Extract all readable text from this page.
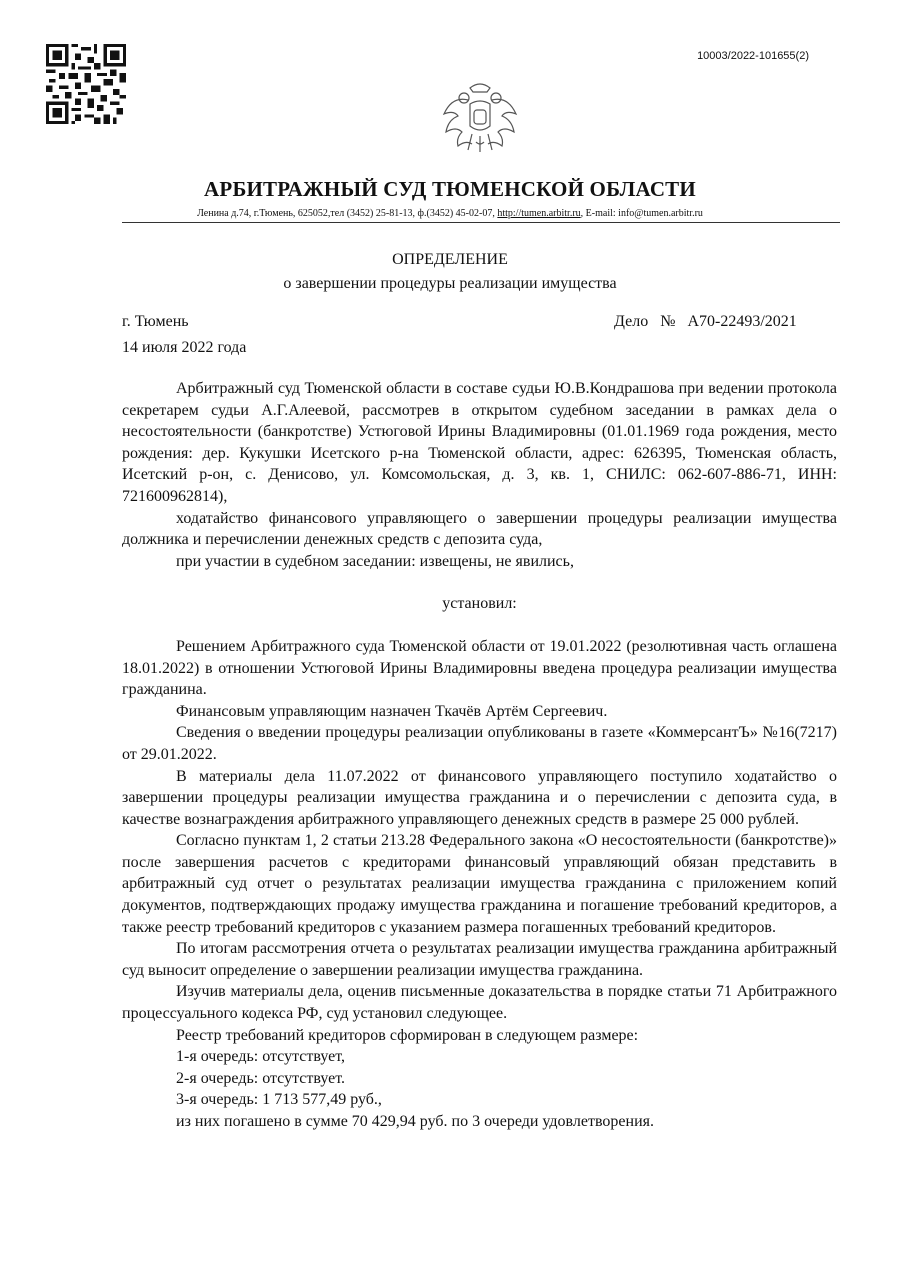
10003/2022-101655(2)
АРБИТРАЖНЫЙ СУД ТЮМЕНСКОЙ ОБЛАСТИ
Ленина д.74, г.Тюмень, 625052,тел (3452) 25-81-13, ф.(3452) 45-02-07, http://tumen.arbitr.ru, E-mail: info@tumen.arbitr.ru
ОПРЕДЕЛЕНИЕ
о завершении процедуры реализации имущества
г. Тюмень
14 июля 2022 года
Дело № А70-22493/2021

Арбитражный суд Тюменской области в составе судьи Ю.В.Кондрашова при ведении протокола секретарем судьи А.Г.Алеевой, рассмотрев в открытом судебном заседании в рамках дела о несостоятельности (банкротстве) Устюговой Ирины Владимировны (01.01.1969 года рождения, место рождения: дер. Кукушки Исетского р-на Тюменской области, адрес: 626395, Тюменская область, Исетский р-он, с. Денисово, ул. Комсомольская, д. 3, кв. 1, СНИЛС: 062-607-886-71, ИНН: 721600962814),

ходатайство финансового управляющего о завершении процедуры реализации имущества должника и перечислении денежных средств с депозита суда,

при участии в судебном заседании: извещены, не явились,

установил:

Решением Арбитражного суда Тюменской области от 19.01.2022 (резолютивная часть оглашена 18.01.2022) в отношении Устюговой Ирины Владимировны введена процедура реализации имущества гражданина.

Финансовым управляющим назначен Ткачёв Артём Сергеевич.

Сведения о введении процедуры реализации опубликованы в газете «КоммерсантЪ» №16(7217) от 29.01.2022.

В материалы дела 11.07.2022 от финансового управляющего поступило ходатайство о завершении процедуры реализации имущества гражданина и о перечислении с депозита суда, в качестве вознаграждения арбитражного управляющего денежных средств в размере 25 000 рублей.

Согласно пунктам 1, 2 статьи 213.28 Федерального закона «О несостоятельности (банкротстве)» после завершения расчетов с кредиторами финансовый управляющий обязан представить в арбитражный суд отчет о результатах реализации имущества гражданина с приложением копий документов, подтверждающих продажу имущества гражданина и погашение требований кредиторов, а также реестр требований кредиторов с указанием размера погашенных требований кредиторов.

По итогам рассмотрения отчета о результатах реализации имущества гражданина арбитражный суд выносит определение о завершении реализации имущества гражданина.

Изучив материалы дела, оценив письменные доказательства в порядке статьи 71 Арбитражного процессуального кодекса РФ, суд установил следующее.

Реестр требований кредиторов сформирован в следующем размере:

1-я очередь: отсутствует,

2-я очередь: отсутствует.

3-я очередь: 1 713 577,49 руб.,

из них погашено в сумме 70 429,94 руб. по 3 очереди удовлетворения.
